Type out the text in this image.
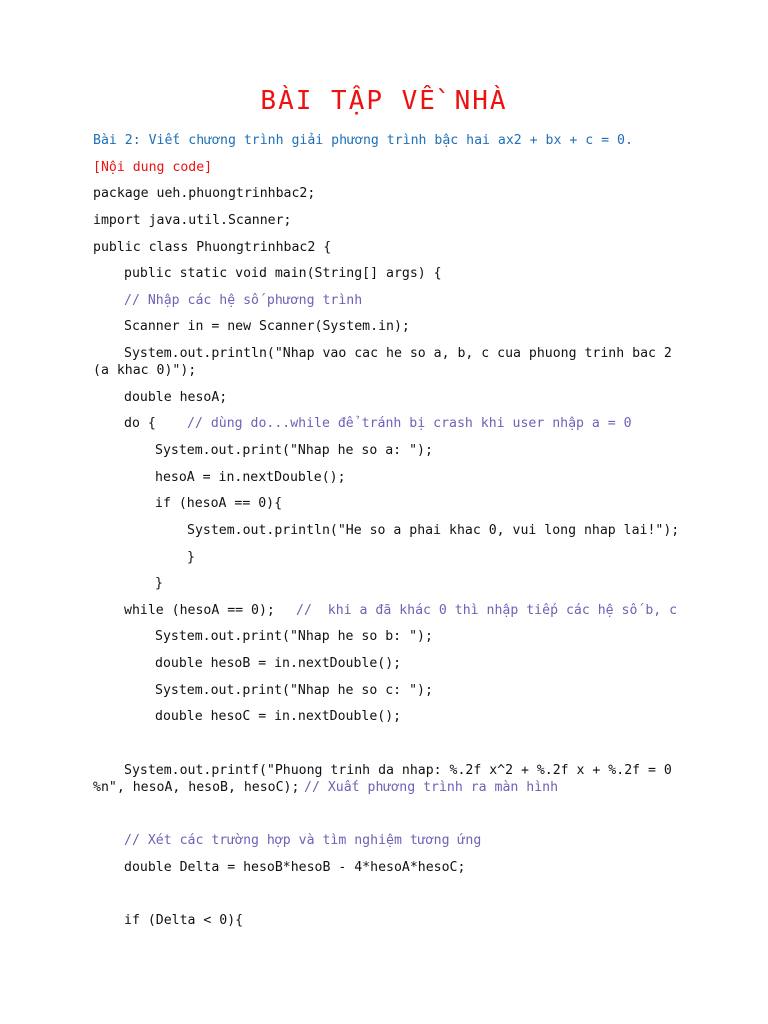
BÀI TẬP VỀ NHÀ
Bài 2: Viết chương trình giải phương trình bậc hai ax2 + bx + c = 0.
[Nội dung code]
package ueh.phuongtrinhbac2;
import java.util.Scanner;
public class Phuongtrinhbac2 {
public static void main(String[] args) {
// Nhập các hệ số phương trình
Scanner in = new Scanner(System.in);
System.out.println("Nhap vao cac he so a, b, c cua phuong trinh bac 2
(a khac 0)");
double hesoA;
do { // dùng do...while để tránh bị crash khi user nhập a = 0
System.out.print("Nhap he so a: ");
hesoA = in.nextDouble();
if (hesoA == 0){
System.out.println("He so a phai khac 0, vui long nhap lai!");
}
}
while (hesoA == 0); //  khi a đã khác 0 thì nhập tiếp các hệ số b, c
System.out.print("Nhap he so b: ");
double hesoB = in.nextDouble();
System.out.print("Nhap he so c: ");
double hesoC = in.nextDouble();
System.out.printf("Phuong trinh da nhap: %.2f x^2 + %.2f x + %.2f = 0
%n", hesoA, hesoB, hesoC); // Xuất phương trình ra màn hình
// Xét các trường hợp và tìm nghiệm tương ứng
double Delta = hesoB*hesoB - 4*hesoA*hesoC;
if (Delta < 0){
